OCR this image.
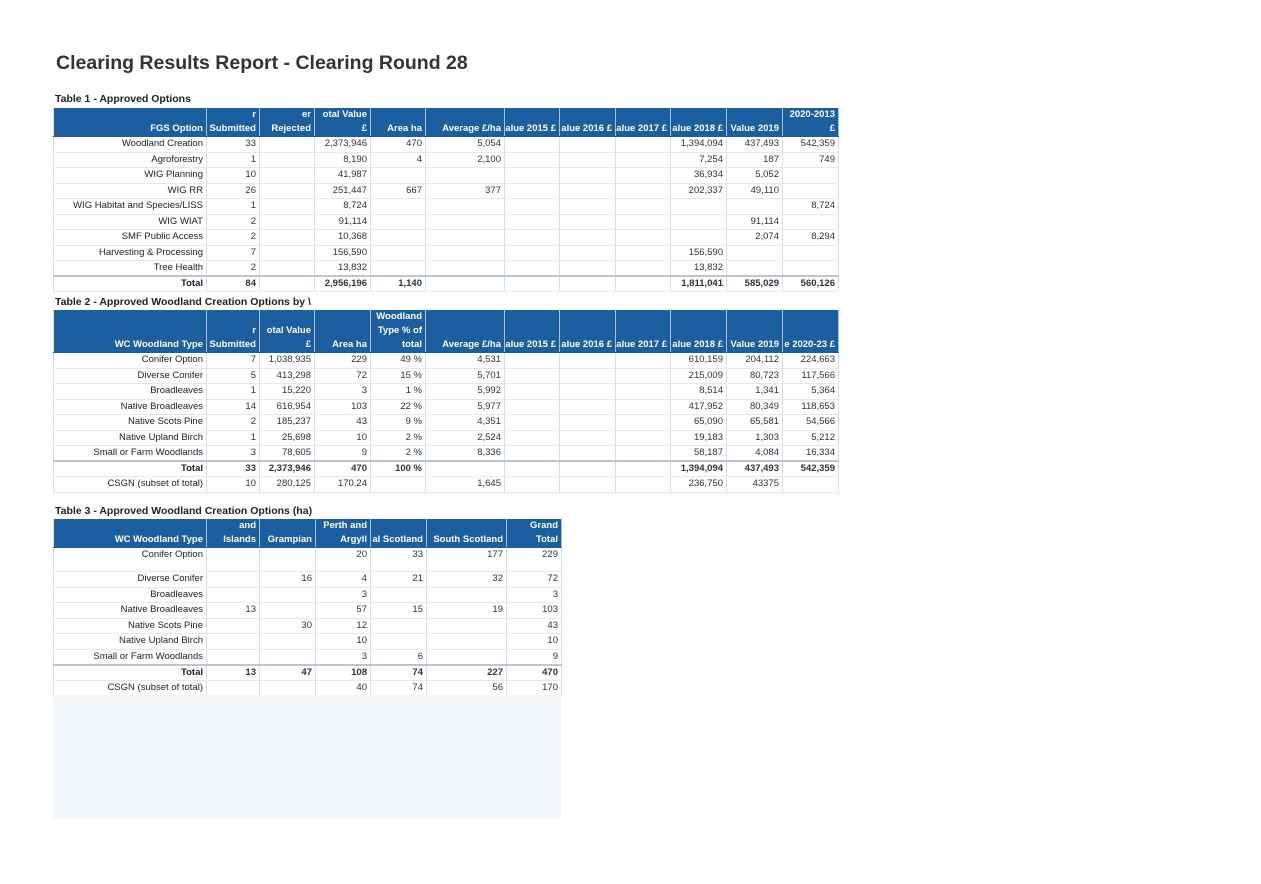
Clearing Results Report - Clearing Round 28
Table 1 - Approved Options
FGS Option	r Submitted	er Rejected	otal Value £	Area ha	Average £/ha	alue 2015 £	alue 2016 £	alue 2017 £	alue 2018 £	Value 2019	2020-2013 £
Woodland Creation	33		2,373,946	470	5,054				1,394,094	437,493	542,359
Agroforestry	1		8,190	4	2,100				7,254	187	749
WIG Planning	10		41,987						36,934	5,052	
WIG RR	26		251,447	667	377				202,337	49,110	
WIG Habitat and Species/LISS	1		8,724								8,724
WIG WIAT	2		91,114							91,114	
SMF Public Access	2		10,368							2,074	8,294
Harvesting & Processing	7		156,590						156,590		
Tree Health	2		13,832						13,832		
Total	84		2,956,196	1,140					1,811,041	585,029	560,126
Table 2 - Approved Woodland Creation Options by \
WC Woodland Type	r Submitted	otal Value £	Area ha	Woodland Type % of total	Average £/ha	alue 2015 £	alue 2016 £	alue 2017 £	alue 2018 £	Value 2019	e 2020-23 £
Conifer Option	7	1,038,935	229	49 %	4,531				610,159	204,112	224,663
Diverse Conifer	5	413,298	72	15 %	5,701				215,009	80,723	117,566
Broadleaves	1	15,220	3	1 %	5,992				8,514	1,341	5,364
Native Broadleaves	14	616,954	103	22 %	5,977				417,952	80,349	118,653
Native Scots Pine	2	185,237	43	9 %	4,351				65,090	65,581	54,566
Native Upland Birch	1	25,698	10	2 %	2,524				19,183	1,303	5,212
Small or Farm Woodlands	3	78,605	9	2 %	8,336				58,187	4,084	16,334
Total	33	2,373,946	470	100 %					1,394,094	437,493	542,359
CSGN (subset of total)	10	280,125	170.24		1,645				236,750	43375	
Table 3 - Approved Woodland Creation Options (ha)
WC Woodland Type	and Islands	Grampian	Perth and Argyll	al Scotland	South Scotland	Grand Total
Conifer Option			20	33	177	229
Diverse Conifer		16	4	21	32	72
Broadleaves			3			3
Native Broadleaves	13		57	15	19	103
Native Scots Pine		30	12			43
Native Upland Birch			10			10
Small or Farm Woodlands			3	6		9
Total	13	47	108	74	227	470
CSGN (subset of total)			40	74	56	170
